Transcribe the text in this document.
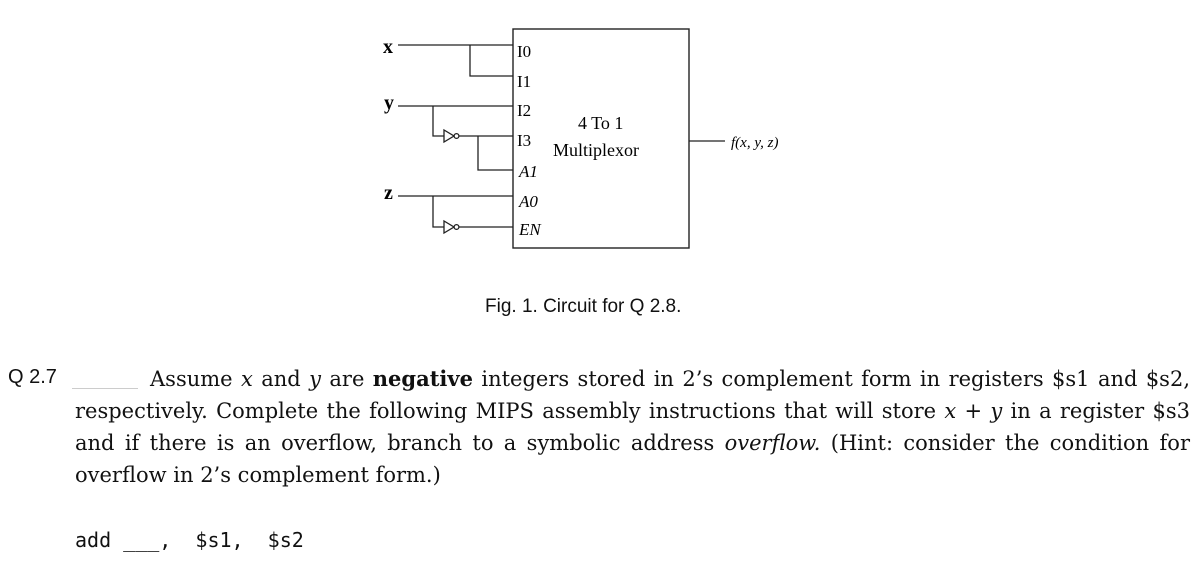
x
y
z
I0
I1
I2
I3
A1
A0
EN
4 To 1
Multiplexor	f(x, y, z)
Fig. 1. Circuit for Q 2.8.
Q 2.7	Assume x and y are negative integers stored in 2’s complement form in registers $s1 and $s2, respectively. Complete the following MIPS assembly instructions that will store x + y in a register $s3 and if there is an overflow, branch to a symbolic address overflow. (Hint: consider the condition for overflow in 2’s complement form.)

add ___,  $s1,  $s2
